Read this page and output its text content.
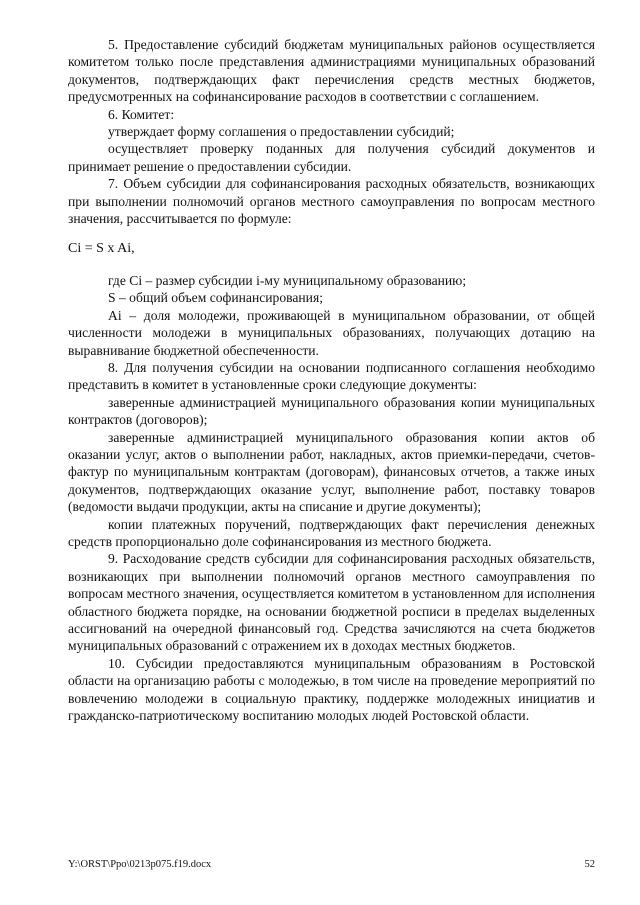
5. Предоставление субсидий бюджетам муниципальных районов осуществляется комитетом только после представления администрациями муниципальных образований документов, подтверждающих факт перечисления средств местных бюджетов, предусмотренных на софинансирование расходов в соответствии с соглашением.

6. Комитет:

утверждает форму соглашения о предоставлении субсидий;

осуществляет проверку поданных для получения субсидий документов и принимает решение о предоставлении субсидии.

7. Объем субсидии для софинансирования расходных обязательств, возникающих при выполнении полномочий органов местного самоуправления по вопросам местного значения, рассчитывается по формуле:

Ci = S x Ai,

где Ci – размер субсидии i-му муниципальному образованию;

S – общий объем софинансирования;

Ai – доля молодежи, проживающей в муниципальном образовании, от общей численности молодежи в муниципальных образованиях, получающих дотацию на выравнивание бюджетной обеспеченности.

8. Для получения субсидии на основании подписанного соглашения необходимо представить в комитет в установленные сроки следующие документы:

заверенные администрацией муниципального образования копии муниципальных контрактов (договоров);

заверенные администрацией муниципального образования копии актов об оказании услуг, актов о выполнении работ, накладных, актов приемки-передачи, счетов-фактур по муниципальным контрактам (договорам), финансовых отчетов, а также иных документов, подтверждающих оказание услуг, выполнение работ, поставку товаров (ведомости выдачи продукции, акты на списание и другие документы);

копии платежных поручений, подтверждающих факт перечисления денежных средств пропорционально доле софинансирования из местного бюджета.

9. Расходование средств субсидии для софинансирования расходных обязательств, возникающих при выполнении полномочий органов местного самоуправления по вопросам местного значения, осуществляется комитетом в установленном для исполнения областного бюджета порядке, на основании бюджетной росписи в пределах выделенных ассигнований на очередной финансовый год. Средства зачисляются на счета бюджетов муниципальных образований с отражением их в доходах местных бюджетов.

10. Субсидии предоставляются муниципальным образованиям в Ростовской области на организацию работы с молодежью, в том числе на проведение мероприятий по вовлечению молодежи в социальную практику, поддержке молодежных инициатив и гражданско-патриотическому воспитанию молодых людей Ростовской области.

Y:\ORST\Ppo\0213p075.f19.docx	52
